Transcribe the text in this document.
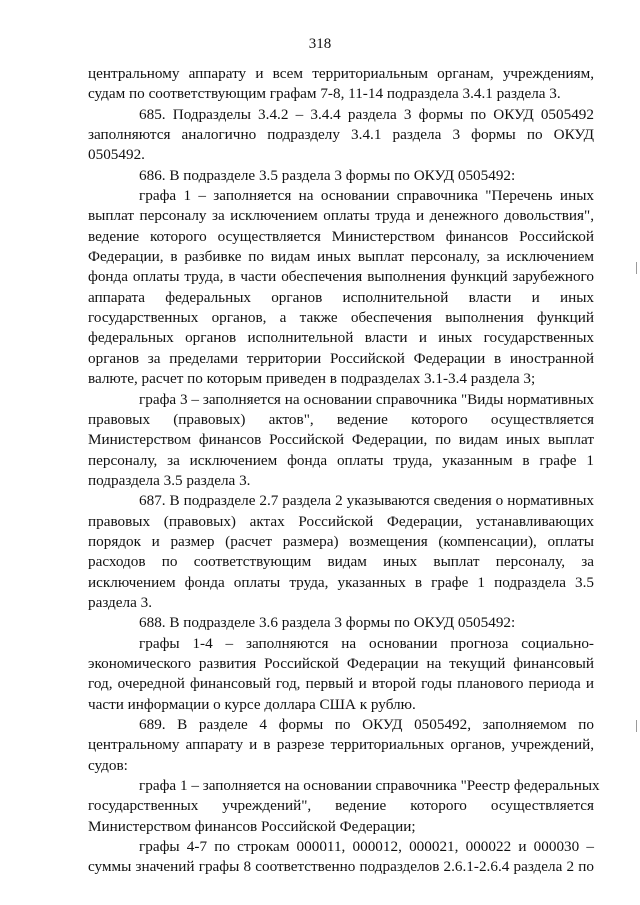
318
центральному аппарату и всем территориальным органам, учреждениям,
судам по соответствующим графам 7-8, 11-14 подраздела 3.4.1 раздела 3.
685. Подразделы 3.4.2 – 3.4.4 раздела 3 формы по ОКУД 0505492
заполняются аналогично подразделу 3.4.1 раздела 3 формы по ОКУД
0505492.
686. В подразделе 3.5 раздела 3 формы по ОКУД 0505492:
графа 1 – заполняется на основании справочника "Перечень иных
выплат персоналу за исключением оплаты труда и денежного довольствия",
ведение которого осуществляется Министерством финансов Российской
Федерации, в разбивке по видам иных выплат персоналу, за исключением
фонда оплаты труда, в части обеспечения выполнения функций зарубежного
аппарата федеральных органов исполнительной власти и иных
государственных органов, а также обеспечения выполнения функций
федеральных органов исполнительной власти и иных государственных
органов за пределами территории Российской Федерации в иностранной
валюте, расчет по которым приведен в подразделах 3.1-3.4 раздела 3;
графа 3 – заполняется на основании справочника "Виды нормативных
правовых (правовых) актов", ведение которого осуществляется
Министерством финансов Российской Федерации, по видам иных выплат
персоналу, за исключением фонда оплаты труда, указанным в графе 1
подраздела 3.5 раздела 3.
687. В подразделе 2.7 раздела 2 указываются сведения о нормативных
правовых (правовых) актах Российской Федерации, устанавливающих
порядок и размер (расчет размера) возмещения (компенсации), оплаты
расходов по соответствующим видам иных выплат персоналу, за
исключением фонда оплаты труда, указанных в графе 1 подраздела 3.5
раздела 3.
688. В подразделе 3.6 раздела 3 формы по ОКУД 0505492:
графы 1-4 – заполняются на основании прогноза социально-
экономического развития Российской Федерации на текущий финансовый
год, очередной финансовый год, первый и второй годы планового периода и
части информации о курсе доллара США к рублю.
689. В разделе 4 формы по ОКУД 0505492, заполняемом по
центральному аппарату и в разрезе территориальных органов, учреждений,
судов:
графа 1 – заполняется на основании справочника "Реестр федеральных
государственных учреждений", ведение которого осуществляется
Министерством финансов Российской Федерации;
графы 4-7 по строкам 000011, 000012, 000021, 000022 и 000030 –
суммы значений графы 8 соответственно подразделов 2.6.1-2.6.4 раздела 2 по
